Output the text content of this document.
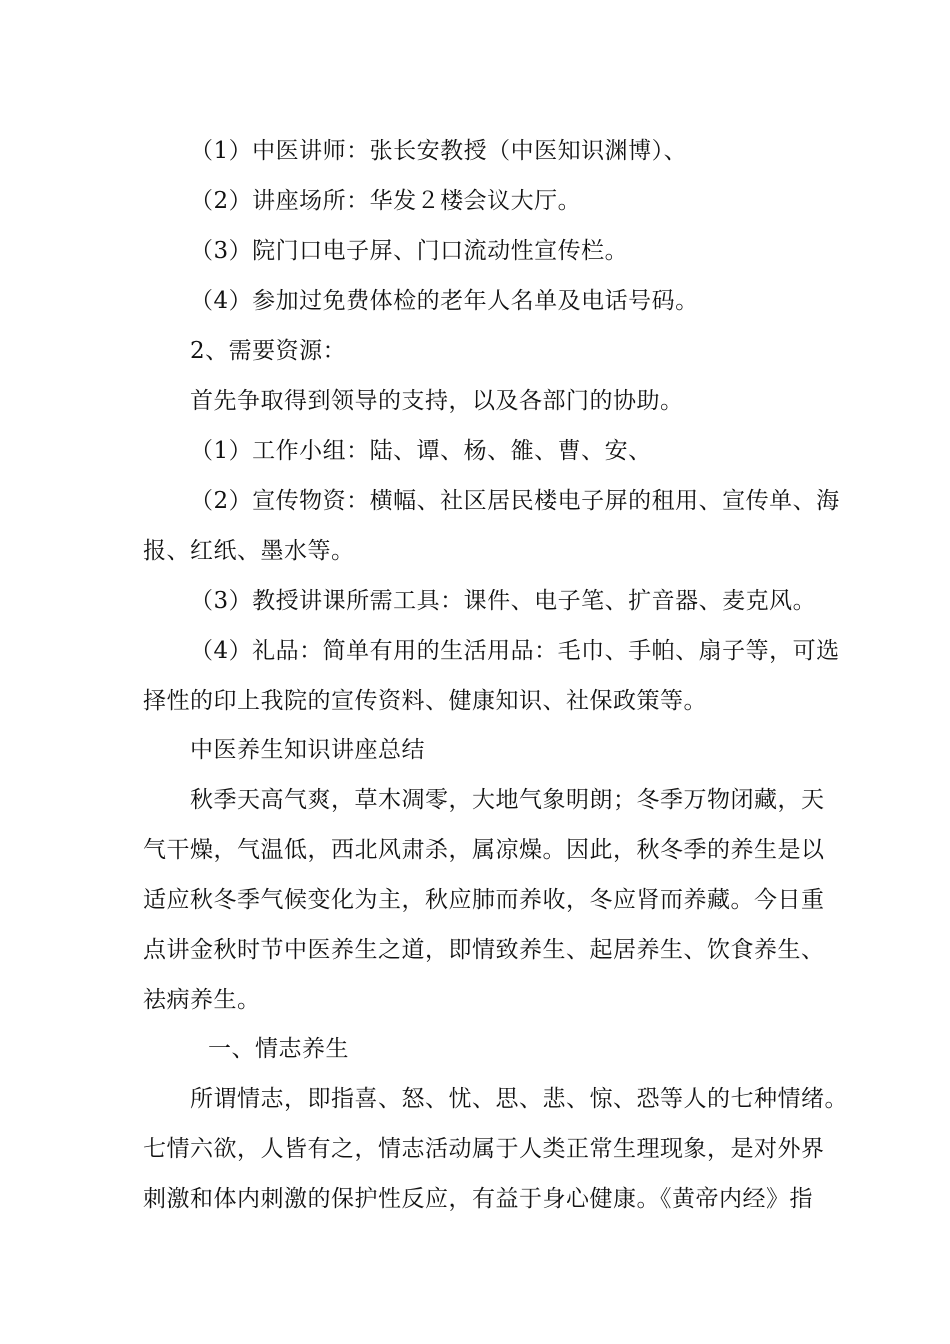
（1）中医讲师：张长安教授（中医知识渊博）、
（2）讲座场所：华发２楼会议大厅。
（3）院门口电子屏、门口流动性宣传栏。
（4）参加过免费体检的老年人名单及电话号码。
2、需要资源：
首先争取得到领导的支持，以及各部门的协助。
（1）工作小组：陆、谭、杨、雒、曹、安、
（2）宣传物资：横幅、社区居民楼电子屏的租用、宣传单、海
报、红纸、墨水等。
（3）教授讲课所需工具：课件、电子笔、扩音器、麦克风。
（4）礼品：简单有用的生活用品：毛巾、手帕、扇子等，可选
择性的印上我院的宣传资料、健康知识、社保政策等。
中医养生知识讲座总结
秋季天高气爽，草木凋零，大地气象明朗；冬季万物闭藏，天
气干燥，气温低，西北风肃杀，属凉燥。因此，秋冬季的养生是以
适应秋冬季气候变化为主，秋应肺而养收，冬应肾而养藏。今日重
点讲金秋时节中医养生之道，即情致养生、起居养生、饮食养生、
祛病养生。
一、情志养生
所谓情志，即指喜、怒、忧、思、悲、惊、恐等人的七种情绪。
七情六欲，人皆有之，情志活动属于人类正常生理现象，是对外界
刺激和体内刺激的保护性反应，有益于身心健康。《黄帝内经》指
